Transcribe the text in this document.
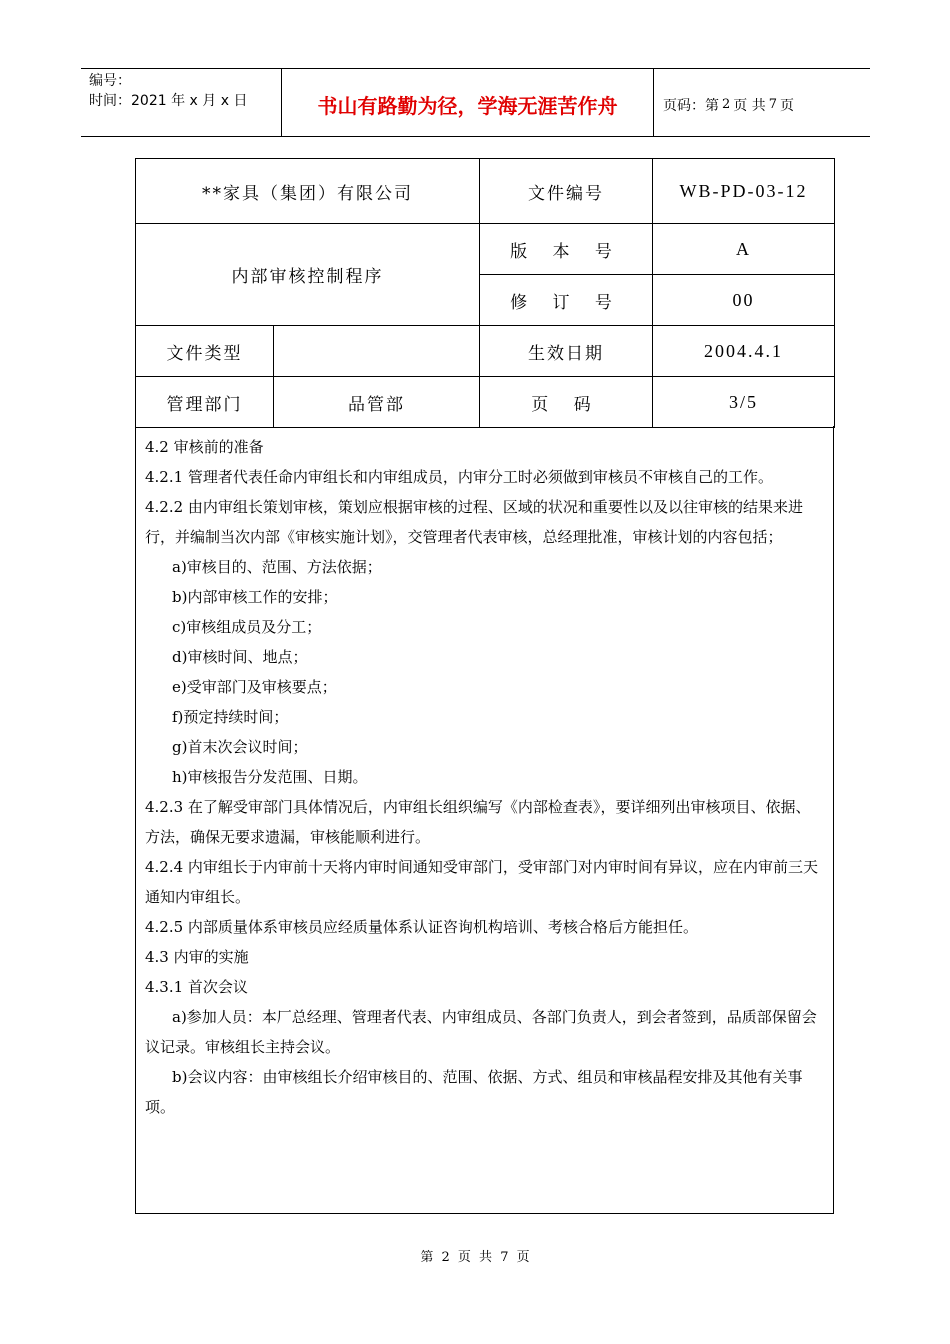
编号：
时间：2021 年 x 月 x 日	书山有路勤为径，学海无涯苦作舟	页码：第 2 页 共 7 页
**家具（集团）有限公司		文件编号	WB-PD-03-12
内部审核控制程序		版 本 号	A
		修 订 号	00
文件类型		生效日期	2004.4.1
管理部门	品管部	页 码	3/5

4.2 审核前的准备

4.2.1 管理者代表任命内审组长和内审组成员，内审分工时必须做到审核员不审核自己的工作。

4.2.2 由内审组长策划审核，策划应根据审核的过程、区域的状况和重要性以及以往审核的结果来进行，并编制当次内部《审核实施计划》，交管理者代表审核，总经理批准，审核计划的内容包括；

a)审核目的、范围、方法依据；

b)内部审核工作的安排；

c)审核组成员及分工；

d)审核时间、地点；

e)受审部门及审核要点；

f)预定持续时间；

g)首末次会议时间；

h)审核报告分发范围、日期。

4.2.3 在了解受审部门具体情况后，内审组长组织编写《内部检查表》，要详细列出审核项目、依据、方法，确保无要求遗漏，审核能顺利进行。

4.2.4 内审组长于内审前十天将内审时间通知受审部门，受审部门对内审时间有异议，应在内审前三天通知内审组长。

4.2.5 内部质量体系审核员应经质量体系认证咨询机构培训、考核合格后方能担任。

4.3 内审的实施

4.3.1 首次会议

a)参加人员：本厂总经理、管理者代表、内审组成员、各部门负责人，到会者签到，品质部保留会议记录。审核组长主持会议。

b)会议内容：由审核组长介绍审核目的、范围、依据、方式、组员和审核晶程安排及其他有关事项。

第 2 页 共 7 页
